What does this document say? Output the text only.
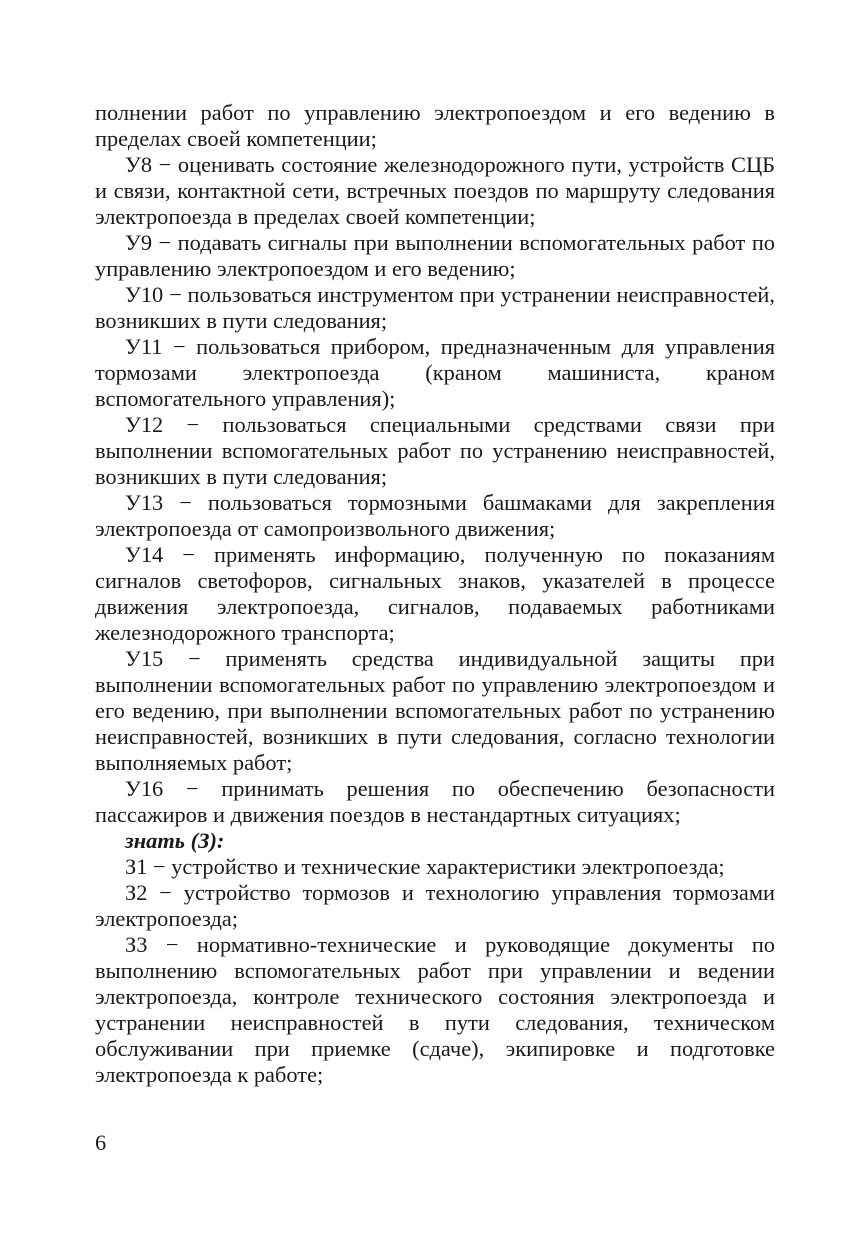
полнении работ по управлению электропоездом и его ведению в пределах своей компетенции;

У8 − оценивать состояние железнодорожного пути, устройств СЦБ и связи, контактной сети, встречных поездов по маршруту следования электропоезда в пределах своей компетенции;

У9 − подавать сигналы при выполнении вспомогательных работ по управлению электропоездом и его ведению;

У10 − пользоваться инструментом при устранении неисправностей, возникших в пути следования;

У11 − пользоваться прибором, предназначенным для управления тормозами электропоезда (краном машиниста, краном вспомогательного управления);

У12 − пользоваться специальными средствами связи при выполнении вспомогательных работ по устранению неисправностей, возникших в пути следования;

У13 − пользоваться тормозными башмаками для закрепления электропоезда от самопроизвольного движения;

У14 − применять информацию, полученную по показаниям сигналов светофоров, сигнальных знаков, указателей в процессе движения электропоезда, сигналов, подаваемых работниками железнодорожного транспорта;

У15 − применять средства индивидуальной защиты при выполнении вспомогательных работ по управлению электропоездом и его ведению, при выполнении вспомогательных работ по устранению неисправностей, возникших в пути следования, согласно технологии выполняемых работ;

У16 − принимать решения по обеспечению безопасности пассажиров и движения поездов в нестандартных ситуациях;

знать (З):

З1 − устройство и технические характеристики электропоезда;

З2 − устройство тормозов и технологию управления тормозами электропоезда;

З3 − нормативно-технические и руководящие документы по выполнению вспомогательных работ при управлении и ведении электропоезда, контроле технического состояния электропоезда и устранении неисправностей в пути следования, техническом обслуживании при приемке (сдаче), экипировке и подготовке электропоезда к работе;

6
